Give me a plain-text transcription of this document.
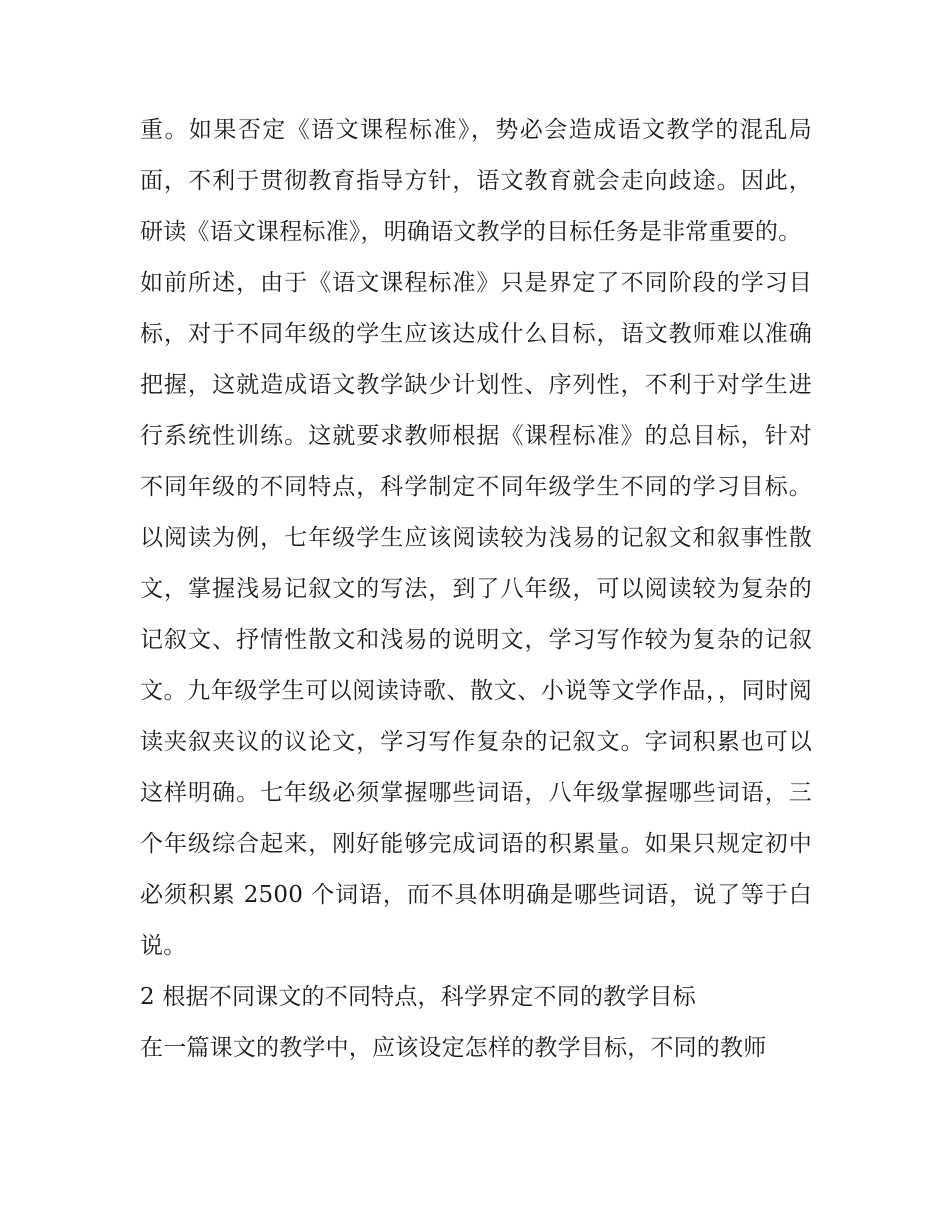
重。如果否定《语文课程标准》，势必会造成语文教学的混乱局面，不利于贯彻教育指导方针，语文教育就会走向歧途。因此，研读《语文课程标准》，明确语文教学的目标任务是非常重要的。

如前所述，由于《语文课程标准》只是界定了不同阶段的学习目标，对于不同年级的学生应该达成什么目标，语文教师难以准确把握，这就造成语文教学缺少计划性、序列性，不利于对学生进行系统性训练。这就要求教师根据《课程标准》的总目标，针对不同年级的不同特点，科学制定不同年级学生不同的学习目标。以阅读为例，七年级学生应该阅读较为浅易的记叙文和叙事性散文，掌握浅易记叙文的写法，到了八年级，可以阅读较为复杂的记叙文、抒情性散文和浅易的说明文，学习写作较为复杂的记叙文。九年级学生可以阅读诗歌、散文、小说等文学作品，，同时阅读夹叙夹议的议论文，学习写作复杂的记叙文。字词积累也可以这样明确。七年级必须掌握哪些词语，八年级掌握哪些词语，三个年级综合起来，刚好能够完成词语的积累量。如果只规定初中必须积累 2500 个词语，而不具体明确是哪些词语，说了等于白说。

2 根据不同课文的不同特点，科学界定不同的教学目标

在一篇课文的教学中，应该设定怎样的教学目标，不同的教师
